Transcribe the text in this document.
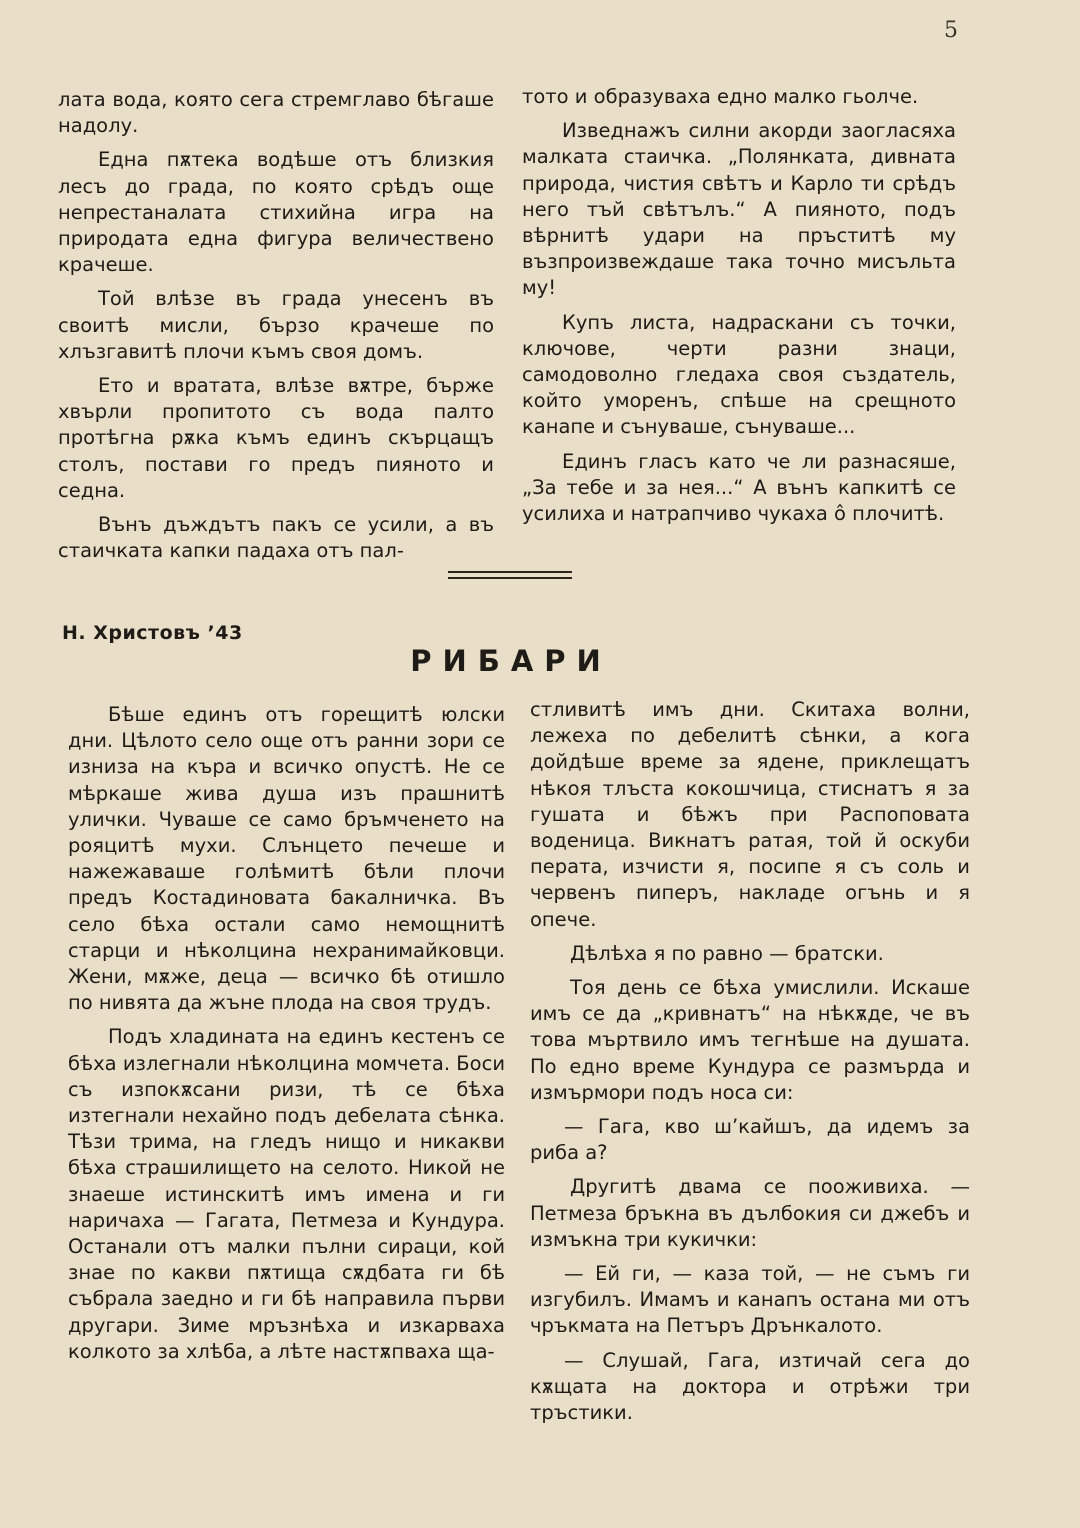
5

лата вода, която сега стремглаво бѣгаше надолу.

Една пѫтека водѣше отъ близкия лесъ до града, по която срѣдъ още непрестаналата стихийна игра на природата една фигура величествено крачеше.

Той влѣзе въ града унесенъ въ своитѣ мисли, бързо крачеше по хлъзгавитѣ плочи къмъ своя домъ.

Ето и вратата, влѣзе вѫтре, бърже хвърли пропитото съ вода палто протѣгна рѫка къмъ единъ скърцащъ столъ, постави го предъ пияното и седна.

Вънъ дъждътъ пакъ се усили, а въ стаичката капки падаха отъ пал-

тото и образуваха едно малко гьолче.

Изведнажъ силни акорди заогласяха малката стаичка. „Полянката, дивната природа, чистия свѣтъ и Карло ти срѣдъ него тъй свѣтълъ.“ А пияното, подъ вѣрнитѣ удари на пръститѣ му възпроизвеждаше така точно мисъльта му!

Купъ листа, надраскани съ точки, ключове, черти разни знаци, самодоволно гледаха своя създатель, който уморенъ, спѣше на срещното канапе и сънуваше, сънуваше...

Единъ гласъ като че ли разнасяше, „За тебе и за нея...“ А вънъ капкитѣ се усилиха и натрапчиво чукаха ô плочитѣ.

Н. Христовъ ’43
РИБАРИ

Бѣше единъ отъ горещитѣ юлски дни. Цѣлото село още отъ ранни зори се изниза на къра и всичко опустѣ. Не се мѣркаше жива душа изъ прашнитѣ улички. Чуваше се само бръмченето на рояцитѣ мухи. Слънцето печеше и нажежаваше голѣмитѣ бѣли плочи предъ Костадиновата бакалничка. Въ село бѣха остали само немощнитѣ старци и нѣколцина нехранимайковци. Жени, мѫже, деца — всичко бѣ отишло по нивята да жъне плода на своя трудъ.

Подъ хладината на единъ кестенъ се бѣха излегнали нѣколцина момчета. Боси съ изпокѫсани ризи, тѣ се бѣха изтегнали нехайно подъ дебелата сѣнка. Тѣзи трима, на гледъ нищо и никакви бѣха страшилището на селото. Никой не знаеше истинскитѣ имъ имена и ги наричаха — Гагата, Петмеза и Кундура. Останали отъ малки пълни сираци, кой знае по какви пѫтища сѫдбата ги бѣ събрала заедно и ги бѣ направила първи другари. Зиме мръзнѣха и изкарваха колкото за хлѣба, а лѣте настѫпваха ща-

стливитѣ имъ дни. Скитаха волни, лежеха по дебелитѣ сѣнки, а кога дойдѣше време за ядене, приклещатъ нѣкоя тлъста кокошчица, стиснатъ я за гушата и бѣжъ при Распоповата воденица. Викнатъ ратая, той й оскуби перата, изчисти я, посипе я съ соль и червенъ пиперъ, накладе огънь и я опече.

Дѣлѣха я по равно — братски.

Тоя день се бѣха умислили. Искаше имъ се да „кривнатъ“ на нѣкѫде, че въ това мъртвило имъ тегнѣше на душата. По едно време Кундура се размърда и измърмори подъ носа си:

— Гага, кво ш’кайшъ, да идемъ за риба а?

Другитѣ двама се пооживиха. — Петмеза бръкна въ дълбокия си джебъ и измъкна три кукички:

— Ей ги, — каза той, — не съмъ ги изгубилъ. Имамъ и канапъ остана ми отъ чръкмата на Петъръ Дрънкалото.

— Слушай, Гага, изтичай сега до кѫщата на доктора и отрѣжи три тръстики.
